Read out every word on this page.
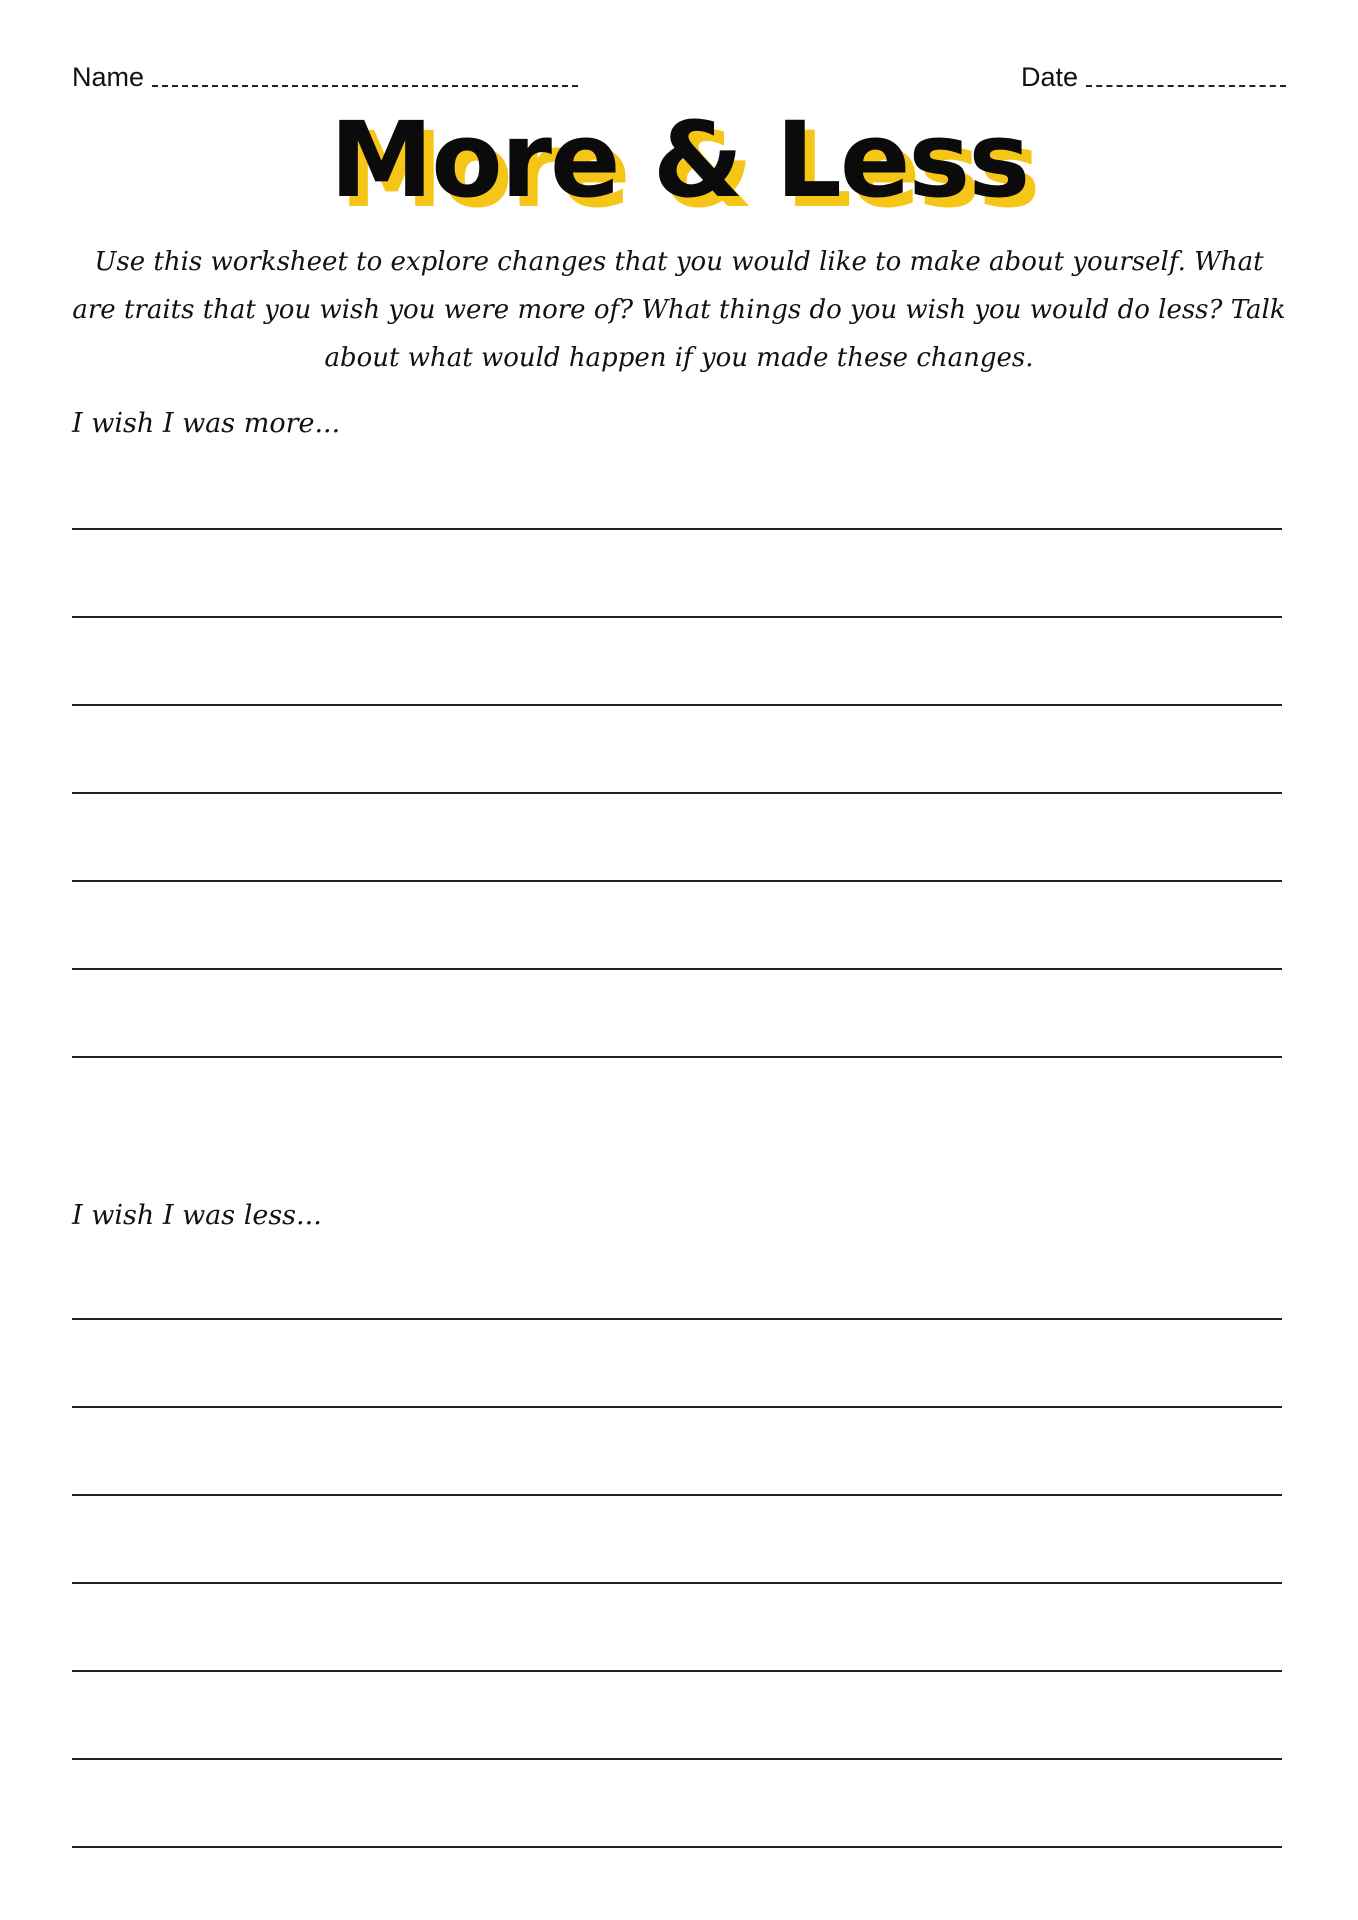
Name	Date
More & Less
Use this worksheet to explore changes that you would like to make about yourself. What are traits that you wish you were more of? What things do you wish you would do less? Talk about what would happen if you made these changes.
I wish I was more...
I wish I was less...
